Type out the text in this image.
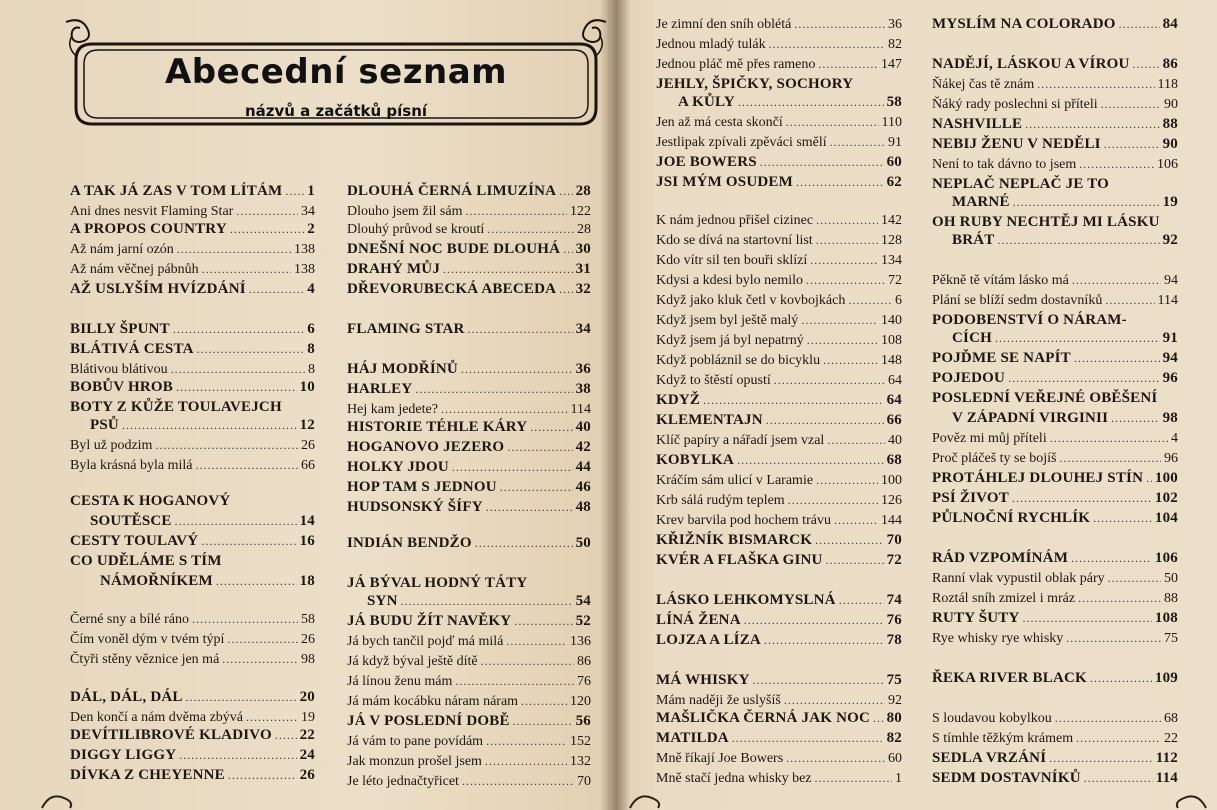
Abecední seznam
názvů a začátků písní
A TAK JÁ ZAS V TOM LÍTÁM ..... 1
Ani dnes nesvit Flaming Star .....	34
A PROPOS COUNTRY .....	2
Až nám jarní ozón .....	138
Až nám věčnej pábnůh .....	138
AŽ USLYŠÍM HVÍZDÁNÍ .....	4
BILLY ŠPUNT .....	6
BLÁTIVÁ CESTA .....	8
Blátivou blátivou .....	8
BOBŮV HROB .....	10
BOTY Z KŮŽE TOULAVEJCH
PSŮ .....	12
Byl už podzim .....	26
Byla krásná byla milá .....	66
CESTA K HOGANOVÝ
SOUTĚSCE .....	14
CESTY TOULAVÝ .....	16
CO UDĚLÁME S TÍM
NÁMOŘNÍKEM .....	18
Černé sny a bílé ráno .....	58
Čím voněl dým v tvém týpí .....	26
Čtyři stěny věznice jen má .....	98
DÁL, DÁL, DÁL .....	20
Den končí a nám dvěma zbývá .....	19
DEVÍTILIBROVÉ KLADIVO ..... 22
DIGGY LIGGY .....	24
DÍVKA Z CHEYENNE .....	26
DLOUHÁ ČERNÁ LIMUZÍNA ..... 28
Dlouho jsem žil sám .....	122
Dlouhý průvod se kroutí .....	28
DNEŠNÍ NOC BUDE DLOUHÁ ..... 30
DRAHÝ MŮJ .....	31
DŘEVORUBECKÁ ABECEDA ..... 32
FLAMING STAR .....	34
HÁJ MODŘÍNŮ .....	36
HARLEY .....	38
Hej kam jedete? .....	114
HISTORIE TÉHLE KÁRY .....	40
HOGANOVO JEZERO .....	42
HOLKY JDOU .....	44
HOP TAM S JEDNOU .....	46
HUDSONSKÝ ŠÍFY .....	48
INDIÁN BENDŽO .....	50
JÁ BÝVAL HODNÝ TÁTY
SYN .....	54
JÁ BUDU ŽÍT NAVĚKY .....	52
Já bych tančil pojď má milá .....	136
Já když býval ještě dítě .....	86
Já línou ženu mám .....	76
Já mám kocábku náram náram .....	120
JÁ V POSLEDNÍ DOBĚ .....	56
Já vám to pane povídám .....	152
Jak monzun prošel jsem .....	132
Je léto jednačtyřicet .....	70
Je zimní den sníh oblétá .....	36
Jednou mladý tulák .....	82
Jednou pláč mě přes rameno .....	147
JEHLY, ŠPIČKY, SOCHORY
A KŮLY .....	58
Jen až má cesta skončí .....	110
Jestlipak zpívali zpěváci smělí .....	91
JOE BOWERS .....	60
JSI MÝM OSUDEM .....	62
K nám jednou přišel cizinec .....	142
Kdo se dívá na startovní list .....	128
Kdo vítr sil ten bouři sklízí .....	134
Kdysi a kdesi bylo nemilo .....	72
Když jako kluk četl v kovbojkách .....	6
Když jsem byl ještě malý .....	140
Když jsem já byl nepatrný .....	108
Když pobláznil se do bicyklu .....	148
Když to štěstí opustí .....	64
KDYŽ .....	64
KLEMENTAJN .....	66
Klíč papíry a nářadí jsem vzal .....	40
KOBYLKA .....	68
Kráčím sám ulicí v Laramie .....	100
Krb sálá rudým teplem .....	126
Krev barvila pod hochem trávu .....	144
KŘIŽNÍK BISMARCK .....	70
KVÉR A FLAŠKA GINU .....	72
LÁSKO LEHKOMYSLNÁ .....	74
LÍNÁ ŽENA .....	76
LOJZA A LÍZA .....	78
MÁ WHISKY .....	75
Mám naději že uslyšíš .....	92
MAŠLIČKA ČERNÁ JAK NOC ..... 80
MATILDA .....	82
Mně říkají Joe Bowers .....	60
Mně stačí jedna whisky bez .....	1
MYSLÍM NA COLORADO .....	84
NADĚJÍ, LÁSKOU A VÍROU ..... 86
Ňákej čas tě znám .....	118
Ňáký rady poslechni si příteli .....	90
NASHVILLE .....	88
NEBIJ ŽENU V NEDĚLI .....	90
Není to tak dávno to jsem .....	106
NEPLAČ NEPLAČ JE TO
MARNÉ .....	19
OH RUBY NECHTĚJ MI LÁSKU
BRÁT .....	92
Pěkně tě vítám lásko má .....	94
Plání se blíží sedm dostavníků .....	114
PODOBENSTVÍ O NÁRAM-
CÍCH .....	91
POJĎME SE NAPÍT .....	94
POJEDOU .....	96
POSLEDNÍ VEŘEJNÉ OBĚŠENÍ
V ZÁPADNÍ VIRGINII .....	98
Pověz mi můj příteli .....	4
Proč pláčeš ty se bojíš .....	96
PROTÁHLEJ DLOUHEJ STÍN ..... 100
PSÍ ŽIVOT .....	102
PŮLNOČNÍ RYCHLÍK .....	104
RÁD VZPOMÍNÁM .....	106
Ranní vlak vypustil oblak páry .....	50
Roztál sníh zmizel i mráz .....	88
RUTY ŠUTY .....	108
Rye whisky rye whisky .....	75
ŘEKA RIVER BLACK .....	109
S loudavou kobylkou .....	68
S tímhle těžkým krámem .....	22
SEDLA VRZÁNÍ .....	112
SEDM DOSTAVNÍKŮ .....	114
